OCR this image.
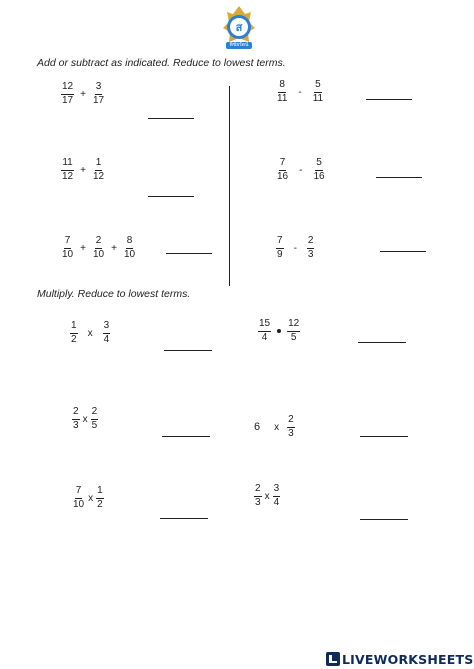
ส
พิชัยรัตน์
Add or subtract as indicated. Reduce to lowest terms.
$\frac{12}{17} + \frac{3}{17}$	$\frac{8}{11} - \frac{5}{11}$
$\frac{11}{12} + \frac{1}{12}$	$\frac{7}{16} - \frac{5}{16}$
$\frac{7}{10} + \frac{2}{10} + \frac{8}{10}$	$\frac{7}{9} - \frac{2}{3}$
Multiply. Reduce to lowest terms.
$\frac{1}{2}$ x $\frac{3}{4}$	$\frac{15}{4} \frac{12}{5}$
$\frac{2}{3}$ x $\frac{2}{5}$	6 x $\frac{2}{3}$
$\frac{7}{10}$ x $\frac{1}{2}$	$\frac{2}{3}$ x $\frac{3}{4}$
LIVEWORKSHEETS
